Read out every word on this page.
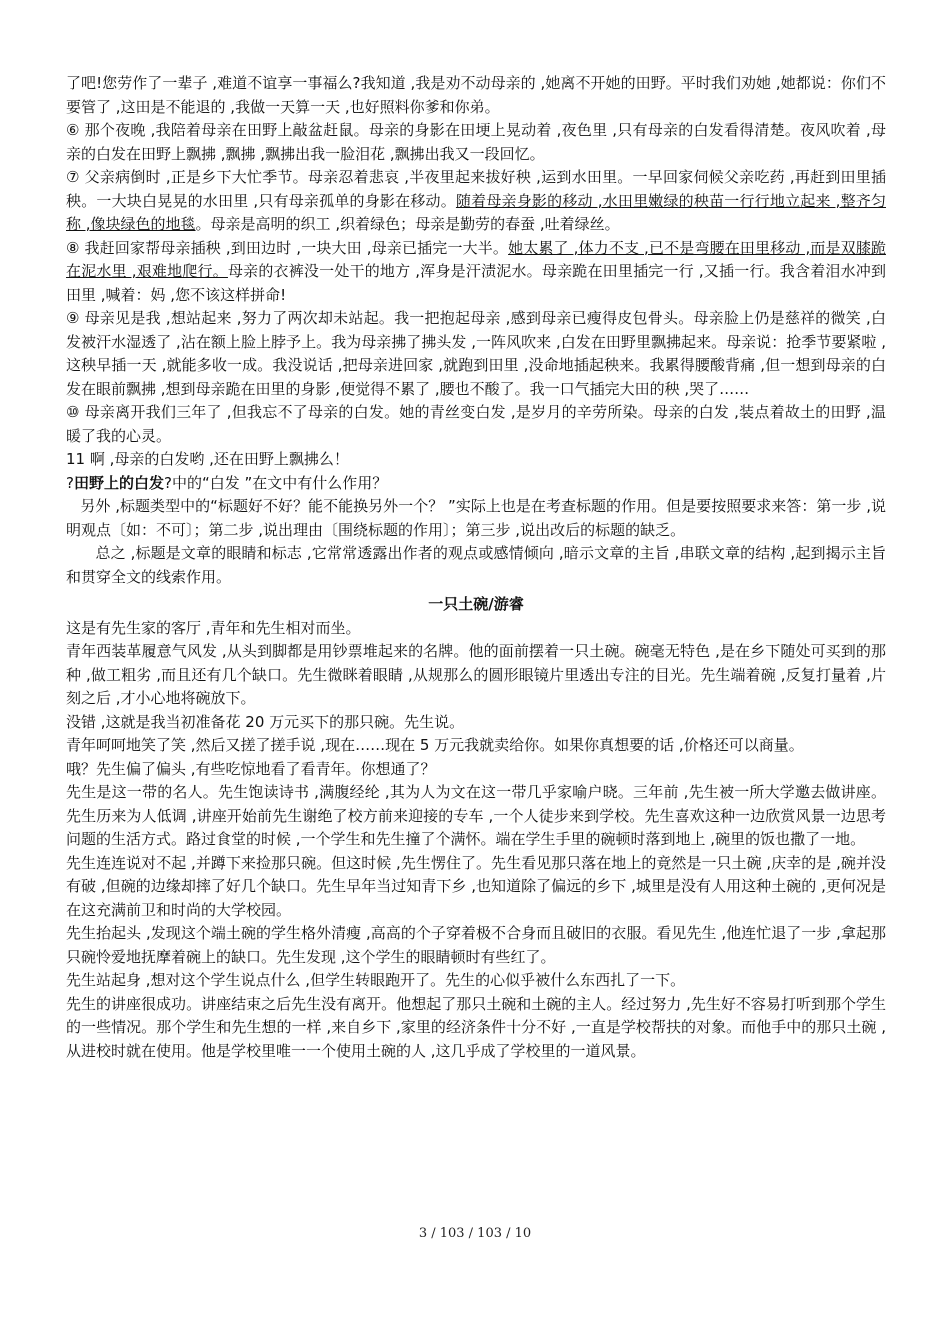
了吧!您劳作了一辈子 ,难道不谊享一事福么?我知道 ,我是劝不动母亲的 ,她离不开她的田野。平时我们劝她 ,她都说：你们不要管了 ,这田是不能退的 ,我做一天算一天 ,也好照料你爹和你弟。

⑥ 那个夜晚 ,我陪着母亲在田野上敲盆赶鼠。母亲的身影在田埂上晃动着 ,夜色里 ,只有母亲的白发看得清楚。夜风吹着 ,母亲的白发在田野上飘拂 ,飘拂 ,飘拂出我一脸泪花 ,飘拂出我又一段回忆。

⑦ 父亲病倒时 ,正是乡下大忙季节。母亲忍着悲哀 ,半夜里起来拔好秧 ,运到水田里。一早回家伺候父亲吃药 ,再赶到田里插秧。一大块白晃晃的水田里 ,只有母亲孤单的身影在移动。随着母亲身影的移动 ,水田里嫩绿的秧苗一行行地立起来 ,整齐匀称 ,像块绿色的地毯。母亲是高明的织工 ,织着绿色；母亲是勤劳的春蚕 ,吐着绿丝。

⑧ 我赶回家帮母亲插秧 ,到田边时 ,一块大田 ,母亲已插完一大半。她太累了 ,体力不支 ,已不是弯腰在田里移动 ,而是双膝跪在泥水里 ,艰难地爬行。母亲的衣裤没一处干的地方 ,浑身是汗渍泥水。母亲跪在田里插完一行 ,又插一行。我含着泪水冲到田里 ,喊着：妈 ,您不该这样拼命!

⑨ 母亲见是我 ,想站起来 ,努力了两次却未站起。我一把抱起母亲 ,感到母亲已瘦得皮包骨头。母亲脸上仍是慈祥的微笑 ,白发被汗水湿透了 ,沾在额上脸上脖予上。我为母亲拂了拂头发 ,一阵风吹来 ,白发在田野里飘拂起来。母亲说：抢季节要紧啦 ,这秧早插一天 ,就能多收一成。我没说话 ,把母亲进回家 ,就跑到田里 ,没命地插起秧来。我累得腰酸背痛 ,但一想到母亲的白发在眼前飘拂 ,想到母亲跪在田里的身影 ,便觉得不累了 ,腰也不酸了。我一口气插完大田的秧 ,哭了……

⑩ 母亲离开我们三年了 ,但我忘不了母亲的白发。她的青丝变白发 ,是岁月的辛劳所染。母亲的白发 ,装点着故土的田野 ,温暖了我的心灵。

11 啊 ,母亲的白发哟 ,还在田野上飘拂么！

?田野上的白发?中的“白发 ”在文中有什么作用？

另外 ,标题类型中的“标题好不好？能不能换另外一个？ ”实际上也是在考查标题的作用。但是要按照要求来答：第一步 ,说明观点〔如：不可〕；第二步 ,说出理由〔围绕标题的作用〕；第三步 ,说出改后的标题的缺乏。

总之 ,标题是文章的眼睛和标志 ,它常常透露出作者的观点或感情倾向 ,暗示文章的主旨 ,串联文章的结构 ,起到揭示主旨和贯穿全文的线索作用。

一只土碗/游睿

这是有先生家的客厅 ,青年和先生相对而坐。

青年西装革履意气风发 ,从头到脚都是用钞票堆起来的名牌。他的面前摆着一只土碗。碗毫无特色 ,是在乡下随处可买到的那种 ,做工粗劣 ,而且还有几个缺口。先生微眯着眼睛 ,从规那么的圆形眼镜片里透出专注的目光。先生端着碗 ,反复打量着 ,片刻之后 ,才小心地将碗放下。

没错 ,这就是我当初准备花 20 万元买下的那只碗。先生说。

青年呵呵地笑了笑 ,然后又搓了搓手说 ,现在……现在 5 万元我就卖给你。如果你真想要的话 ,价格还可以商量。

哦？先生偏了偏头 ,有些吃惊地看了看青年。你想通了？

先生是这一带的名人。先生饱读诗书 ,满腹经纶 ,其为人为文在这一带几乎家喻户晓。三年前 ,先生被一所大学邀去做讲座。先生历来为人低调 ,讲座开始前先生谢绝了校方前来迎接的专车 ,一个人徒步来到学校。先生喜欢这种一边欣赏风景一边思考问题的生活方式。路过食堂的时候 ,一个学生和先生撞了个满怀。端在学生手里的碗顿时落到地上 ,碗里的饭也撒了一地。

先生连连说对不起 ,并蹲下来捡那只碗。但这时候 ,先生愣住了。先生看见那只落在地上的竟然是一只土碗 ,庆幸的是 ,碗并没有破 ,但碗的边缘却摔了好几个缺口。先生早年当过知青下乡 ,也知道除了偏远的乡下 ,城里是没有人用这种土碗的 ,更何况是在这充满前卫和时尚的大学校园。

先生抬起头 ,发现这个端土碗的学生格外清瘦 ,高高的个子穿着极不合身而且破旧的衣服。看见先生 ,他连忙退了一步 ,拿起那只碗怜爱地抚摩着碗上的缺口。先生发现 ,这个学生的眼睛顿时有些红了。

先生站起身 ,想对这个学生说点什么 ,但学生转眼跑开了。先生的心似乎被什么东西扎了一下。

先生的讲座很成功。讲座结束之后先生没有离开。他想起了那只土碗和土碗的主人。经过努力 ,先生好不容易打听到那个学生的一些情况。那个学生和先生想的一样 ,来自乡下 ,家里的经济条件十分不好 ,一直是学校帮扶的对象。而他手中的那只土碗 ,从进校时就在使用。他是学校里唯一一个使用土碗的人 ,这几乎成了学校里的一道风景。

3 / 103 / 103 / 10
